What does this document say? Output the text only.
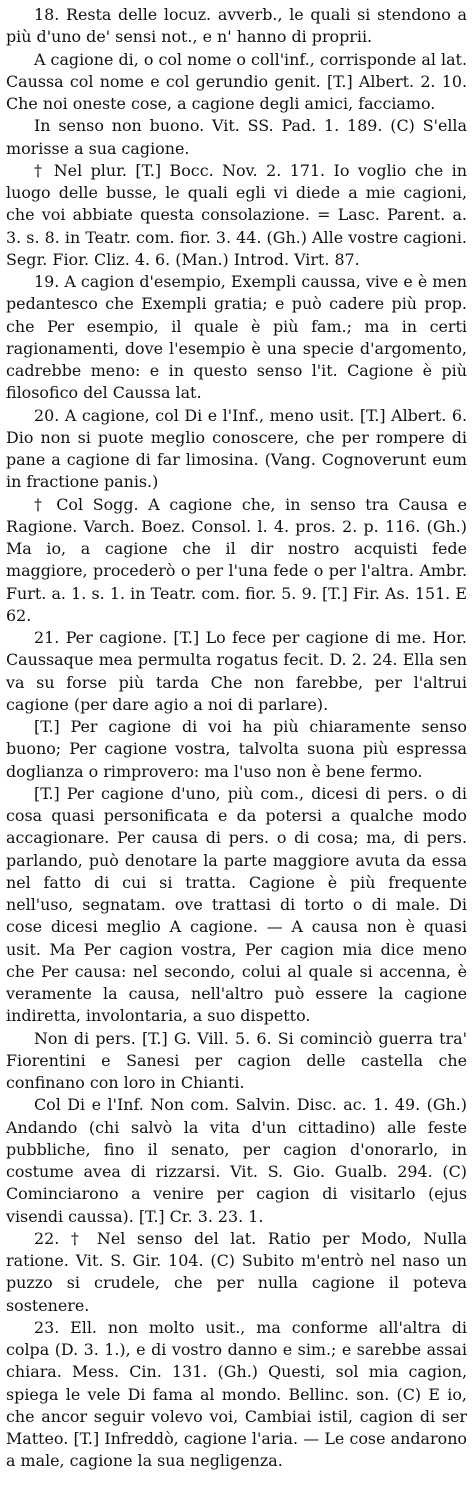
18. Resta delle locuz. avverb., le quali si stendono a più d'uno de' sensi not., e n' hanno di proprii.

A cagione di, o col nome o coll'inf., corrisponde al lat. Caussa col nome e col gerundio genit. [T.] Albert. 2. 10. Che noi oneste cose, a cagione degli amici, facciamo.

In senso non buono. Vit. SS. Pad. 1. 189. (C) S'ella morisse a sua cagione.

† Nel plur. [T.] Bocc. Nov. 2. 171. Io voglio che in luogo delle busse, le quali egli vi diede a mie cagioni, che voi abbiate questa consolazione. = Lasc. Parent. a. 3. s. 8. in Teatr. com. fior. 3. 44. (Gh.) Alle vostre cagioni. Segr. Fior. Cliz. 4. 6. (Man.) Introd. Virt. 87.

19. A cagion d'esempio, Exempli caussa, vive e è men pedantesco che Exempli gratia; e può cadere più prop. che Per esempio, il quale è più fam.; ma in certi ragionamenti, dove l'esempio è una specie d'argomento, cadrebbe meno: e in questo senso l'it. Cagione è più filosofico del Caussa lat.

20. A cagione, col Di e l'Inf., meno usit. [T.] Albert. 6. Dio non si puote meglio conoscere, che per rompere di pane a cagione di far limosina. (Vang. Cognoverunt eum in fractione panis.)

† Col Sogg. A cagione che, in senso tra Causa e Ragione. Varch. Boez. Consol. l. 4. pros. 2. p. 116. (Gh.) Ma io, a cagione che il dir nostro acquisti fede maggiore, procederò o per l'una fede o per l'altra. Ambr. Furt. a. 1. s. 1. in Teatr. com. fior. 5. 9. [T.] Fir. As. 151. E 62.

21. Per cagione. [T.] Lo fece per cagione di me. Hor. Caussaque mea permulta rogatus fecit. D. 2. 24. Ella sen va su forse più tarda Che non farebbe, per l'altrui cagione (per dare agio a noi di parlare).

[T.] Per cagione di voi ha più chiaramente senso buono; Per cagione vostra, talvolta suona più espressa doglianza o rimprovero: ma l'uso non è bene fermo.

[T.] Per cagione d'uno, più com., dicesi di pers. o di cosa quasi personificata e da potersi a qualche modo accagionare. Per causa di pers. o di cosa; ma, di pers. parlando, può denotare la parte maggiore avuta da essa nel fatto di cui si tratta. Cagione è più frequente nell'uso, segnatam. ove trattasi di torto o di male. Di cose dicesi meglio A cagione. — A causa non è quasi usit. Ma Per cagion vostra, Per cagion mia dice meno che Per causa: nel secondo, colui al quale si accenna, è veramente la causa, nell'altro può essere la cagione indiretta, involontaria, a suo dispetto.

Non di pers. [T.] G. Vill. 5. 6. Si cominciò guerra tra' Fiorentini e Sanesi per cagion delle castella che confinano con loro in Chianti.

Col Di e l'Inf. Non com. Salvin. Disc. ac. 1. 49. (Gh.) Andando (chi salvò la vita d'un cittadino) alle feste pubbliche, fino il senato, per cagion d'onorarlo, in costume avea di rizzarsi. Vit. S. Gio. Gualb. 294. (C) Cominciarono a venire per cagion di visitarlo (ejus visendi caussa). [T.] Cr. 3. 23. 1.

22. † Nel senso del lat. Ratio per Modo, Nulla ratione. Vit. S. Gir. 104. (C) Subito m'entrò nel naso un puzzo si crudele, che per nulla cagione il poteva sostenere.

23. Ell. non molto usit., ma conforme all'altra di colpa (D. 3. 1.), e di vostro danno e sim.; e sarebbe assai chiara. Mess. Cin. 131. (Gh.) Questi, sol mia cagion, spiega le vele Di fama al mondo. Bellinc. son. (C) E io, che ancor seguir volevo voi, Cambiai istil, cagion di ser Matteo. [T.] Infreddò, cagione l'aria. — Le cose andarono a male, cagione la sua negligenza.
